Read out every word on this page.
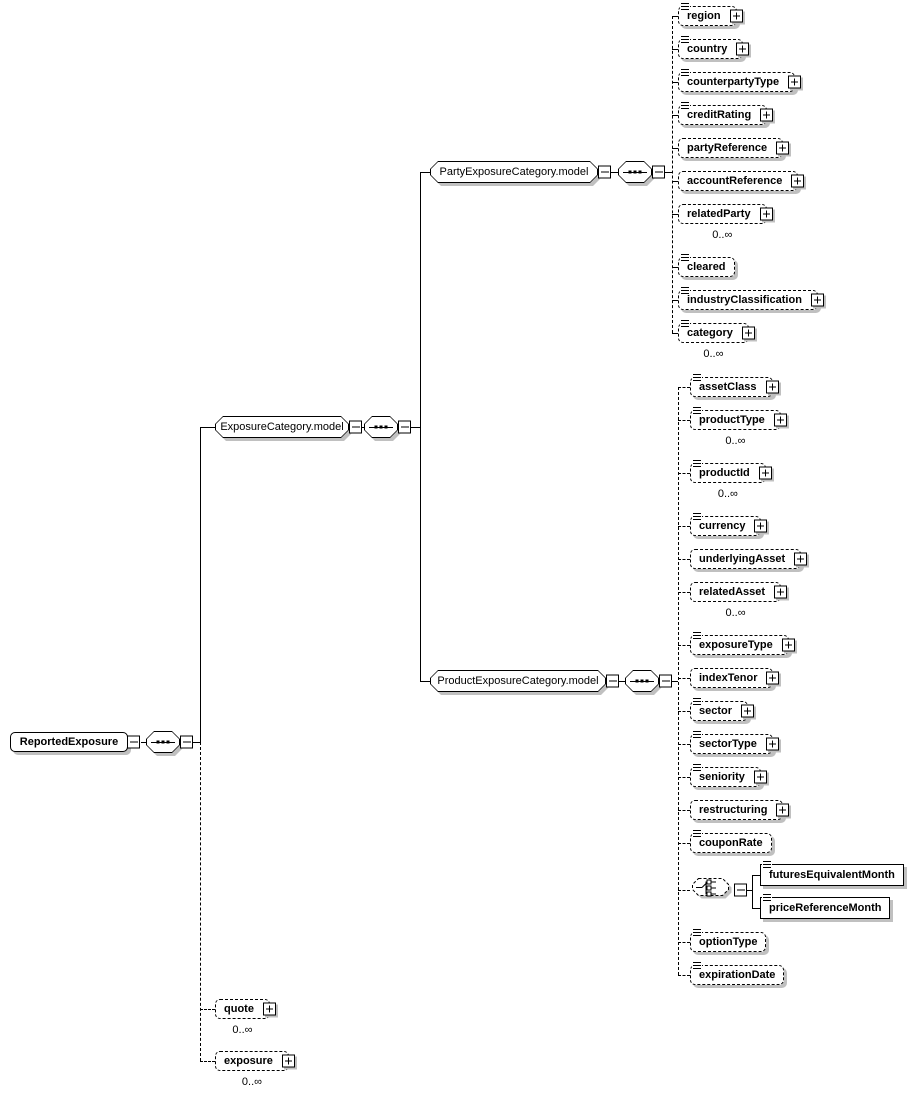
ReportedExposure
ExposureCategory.model
PartyExposureCategory.model
region
country
counterpartyType
creditRating
partyReference
accountReference
relatedParty
0..∞
cleared
industryClassification
category
0..∞
ProductExposureCategory.model
assetClass
productType
0..∞
productId
0..∞
currency
underlyingAsset
relatedAsset
0..∞
exposureType
indexTenor
sector
sectorType
seniority
restructuring
couponRate
futuresEquivalentMonth
priceReferenceMonth
optionType
expirationDate
quote
0..∞
exposure
0..∞
